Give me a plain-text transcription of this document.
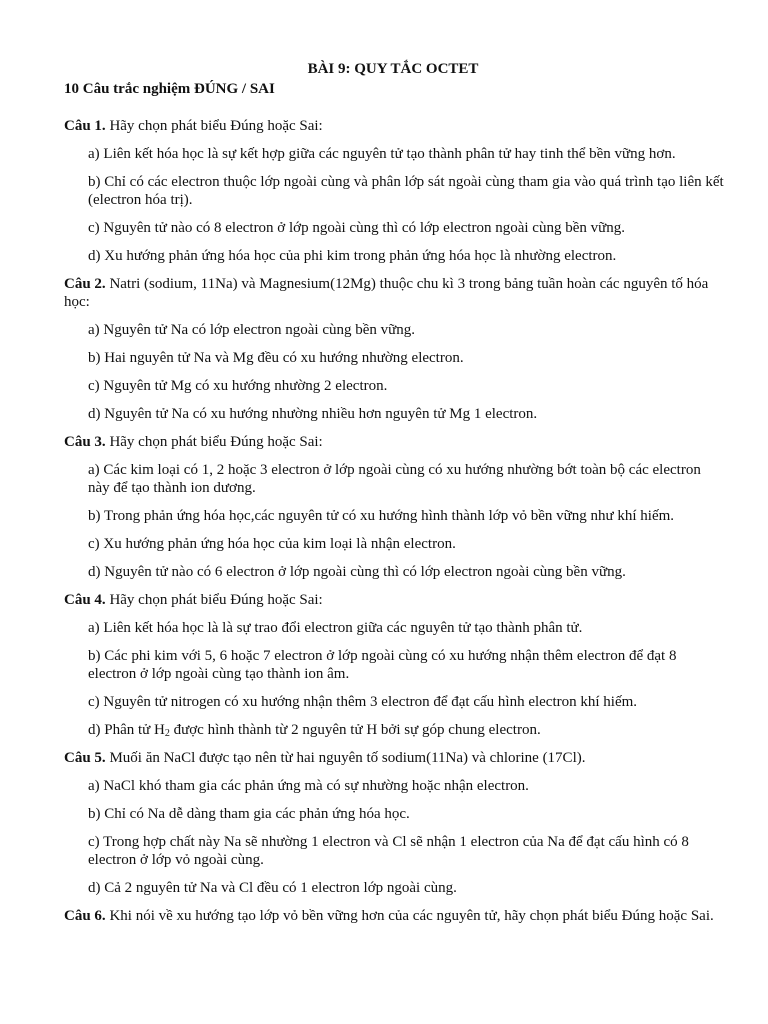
BÀI 9: QUY TẮC OCTET
10 Câu trắc nghiệm ĐÚNG / SAI
Câu 1. Hãy chọn phát biểu Đúng hoặc Sai:
a) Liên kết hóa học là sự kết hợp giữa các nguyên tử tạo thành phân tử hay tinh thể bền vững hơn.
b) Chỉ có các electron thuộc lớp ngoài cùng và phân lớp sát ngoài cùng tham gia vào quá trình tạo liên kết (electron hóa trị).
c) Nguyên tử nào có 8 electron ở lớp ngoài cùng thì có lớp electron ngoài cùng bền vững.
d) Xu hướng phản ứng hóa học của phi kim trong phản ứng hóa học là nhường electron.
Câu 2. Natri (sodium, 11Na) và Magnesium(12Mg) thuộc chu kì 3 trong bảng tuần hoàn các nguyên tố hóa học:
a) Nguyên tử Na có lớp electron ngoài cùng bền vững.
b) Hai nguyên tử Na và Mg đều có xu hướng nhường electron.
c) Nguyên tử Mg có xu hướng nhường 2 electron.
d) Nguyên tử Na có xu hướng nhường nhiều hơn nguyên tử Mg 1 electron.
Câu 3. Hãy chọn phát biểu Đúng hoặc Sai:
a) Các kim loại có 1, 2 hoặc 3 electron ở lớp ngoài cùng có xu hướng nhường bớt toàn bộ các electron này để tạo thành ion dương.
b) Trong phản ứng hóa học,các nguyên tử có xu hướng hình thành lớp vỏ bền vững như khí hiếm.
c) Xu hướng phản ứng hóa học của kim loại là nhận electron.
d) Nguyên tử nào có 6 electron ở lớp ngoài cùng thì có lớp electron ngoài cùng bền vững.
Câu 4. Hãy chọn phát biểu Đúng hoặc Sai:
a) Liên kết hóa học là là sự trao đổi electron giữa các nguyên tử tạo thành phân tử.
b) Các phi kim với 5, 6 hoặc 7 electron ở lớp ngoài cùng có xu hướng nhận thêm electron để đạt 8 electron ở lớp ngoài cùng tạo thành ion âm.
c) Nguyên tử nitrogen có xu hướng nhận thêm 3 electron để đạt cấu hình electron khí hiếm.
d) Phân tử $H_2$ được hình thành từ 2 nguyên tử H bởi sự góp chung electron.
Câu 5. Muối ăn NaCl được tạo nên từ hai nguyên tố sodium(11Na) và chlorine (17Cl).
a) NaCl khó tham gia các phản ứng mà có sự nhường hoặc nhận electron.
b) Chỉ có Na dễ dàng tham gia các phản ứng hóa học.
c) Trong hợp chất này Na sẽ nhường 1 electron và Cl sẽ nhận 1 electron của Na để đạt cấu hình có 8 electron ở lớp vỏ ngoài cùng.
d) Cả 2 nguyên tử Na và Cl đều có 1 electron lớp ngoài cùng.
Câu 6. Khi nói về xu hướng tạo lớp vỏ bền vững hơn của các nguyên tử, hãy chọn phát biểu Đúng hoặc Sai.
